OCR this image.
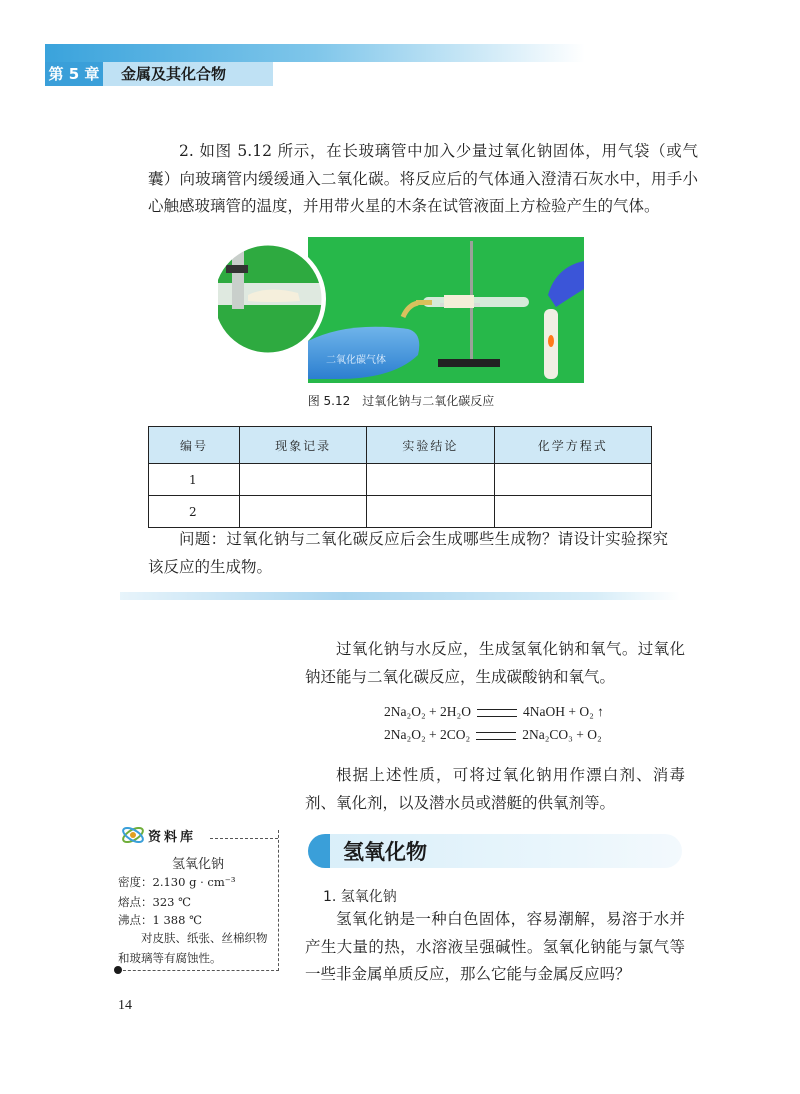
第 5 章	金属及其化合物
2. 如图 5.12 所示，在长玻璃管中加入少量过氧化钠固体，用气袋（或气囊）向玻璃管内缓缓通入二氧化碳。将反应后的气体通入澄清石灰水中，用手小心触感玻璃管的温度，并用带火星的木条在试管液面上方检验产生的气体。
二氧化碳气体
图 5.12 过氧化钠与二氧化碳反应
编号	现象记录	实验结论	化学方程式
1			
2			
问题：过氧化钠与二氧化碳反应后会生成哪些生成物？请设计实验探究该反应的生成物。
过氧化钠与水反应，生成氢氧化钠和氧气。过氧化钠还能与二氧化碳反应，生成碳酸钠和氧气。
2Na₂O₂ + 2H₂O	4NaOH + O₂ ↑
2Na₂O₂ + 2CO₂	2Na₂CO₃ + O₂
根据上述性质，可将过氧化钠用作漂白剂、消毒剂、氧化剂，以及潜水员或潜艇的供氧剂等。
资料库
氢氧化钠
密度：2.130 g · cm⁻³
熔点：323 ℃
沸点：1 388 ℃
对皮肤、纸张、丝棉织物和玻璃等有腐蚀性。
氢氧化物
1. 氢氧化钠
氢氧化钠是一种白色固体，容易潮解，易溶于水并产生大量的热，水溶液呈强碱性。氢氧化钠能与氯气等一些非金属单质反应，那么它能与金属反应吗？
14
